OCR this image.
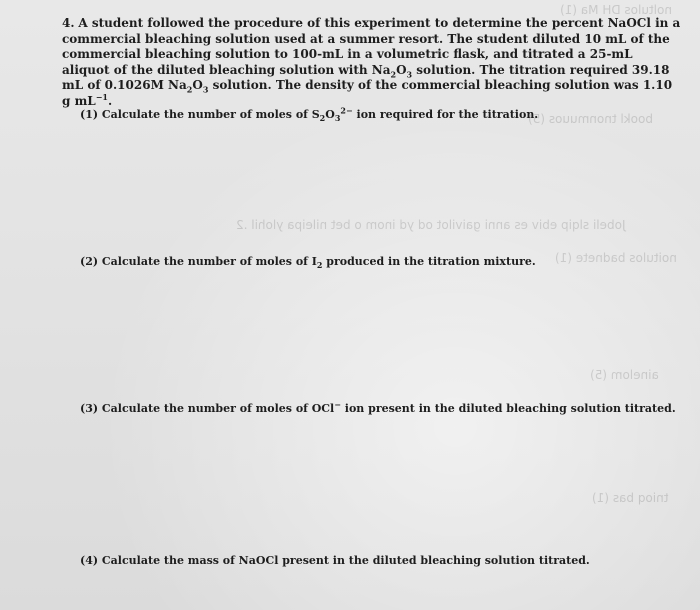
noltulos DH Ma (1)
bookl tnonmuuos (5)
Jobeli slqip ebiv es anni gaivilot od yd inom o bet nileipa ylohil .2
noitulos badnete (1)
ainelom (5)
tnioq bas (1)
4. A student followed the procedure of this experiment to determine the percent NaOCl in a commercial bleaching solution used at a summer resort. The student diluted 10 mL of the commercial bleaching solution to 100-mL in a volumetric flask, and titrated a 25-mL aliquot of the diluted bleaching solution with $Na_2O_3$ solution. The titration required 39.18 mL of 0.1026M $Na_2O_3$ solution. The density of the commercial bleaching solution was 1.10 g $mL^{-1}$.
(1) Calculate the number of moles of $S_2O_3^{2-}$ ion required for the titration.
(2) Calculate the number of moles of $I_2$ produced in the titration mixture.
(3) Calculate the number of moles of OCl− ion present in the diluted bleaching solution titrated.
(4) Calculate the mass of NaOCl present in the diluted bleaching solution titrated.
